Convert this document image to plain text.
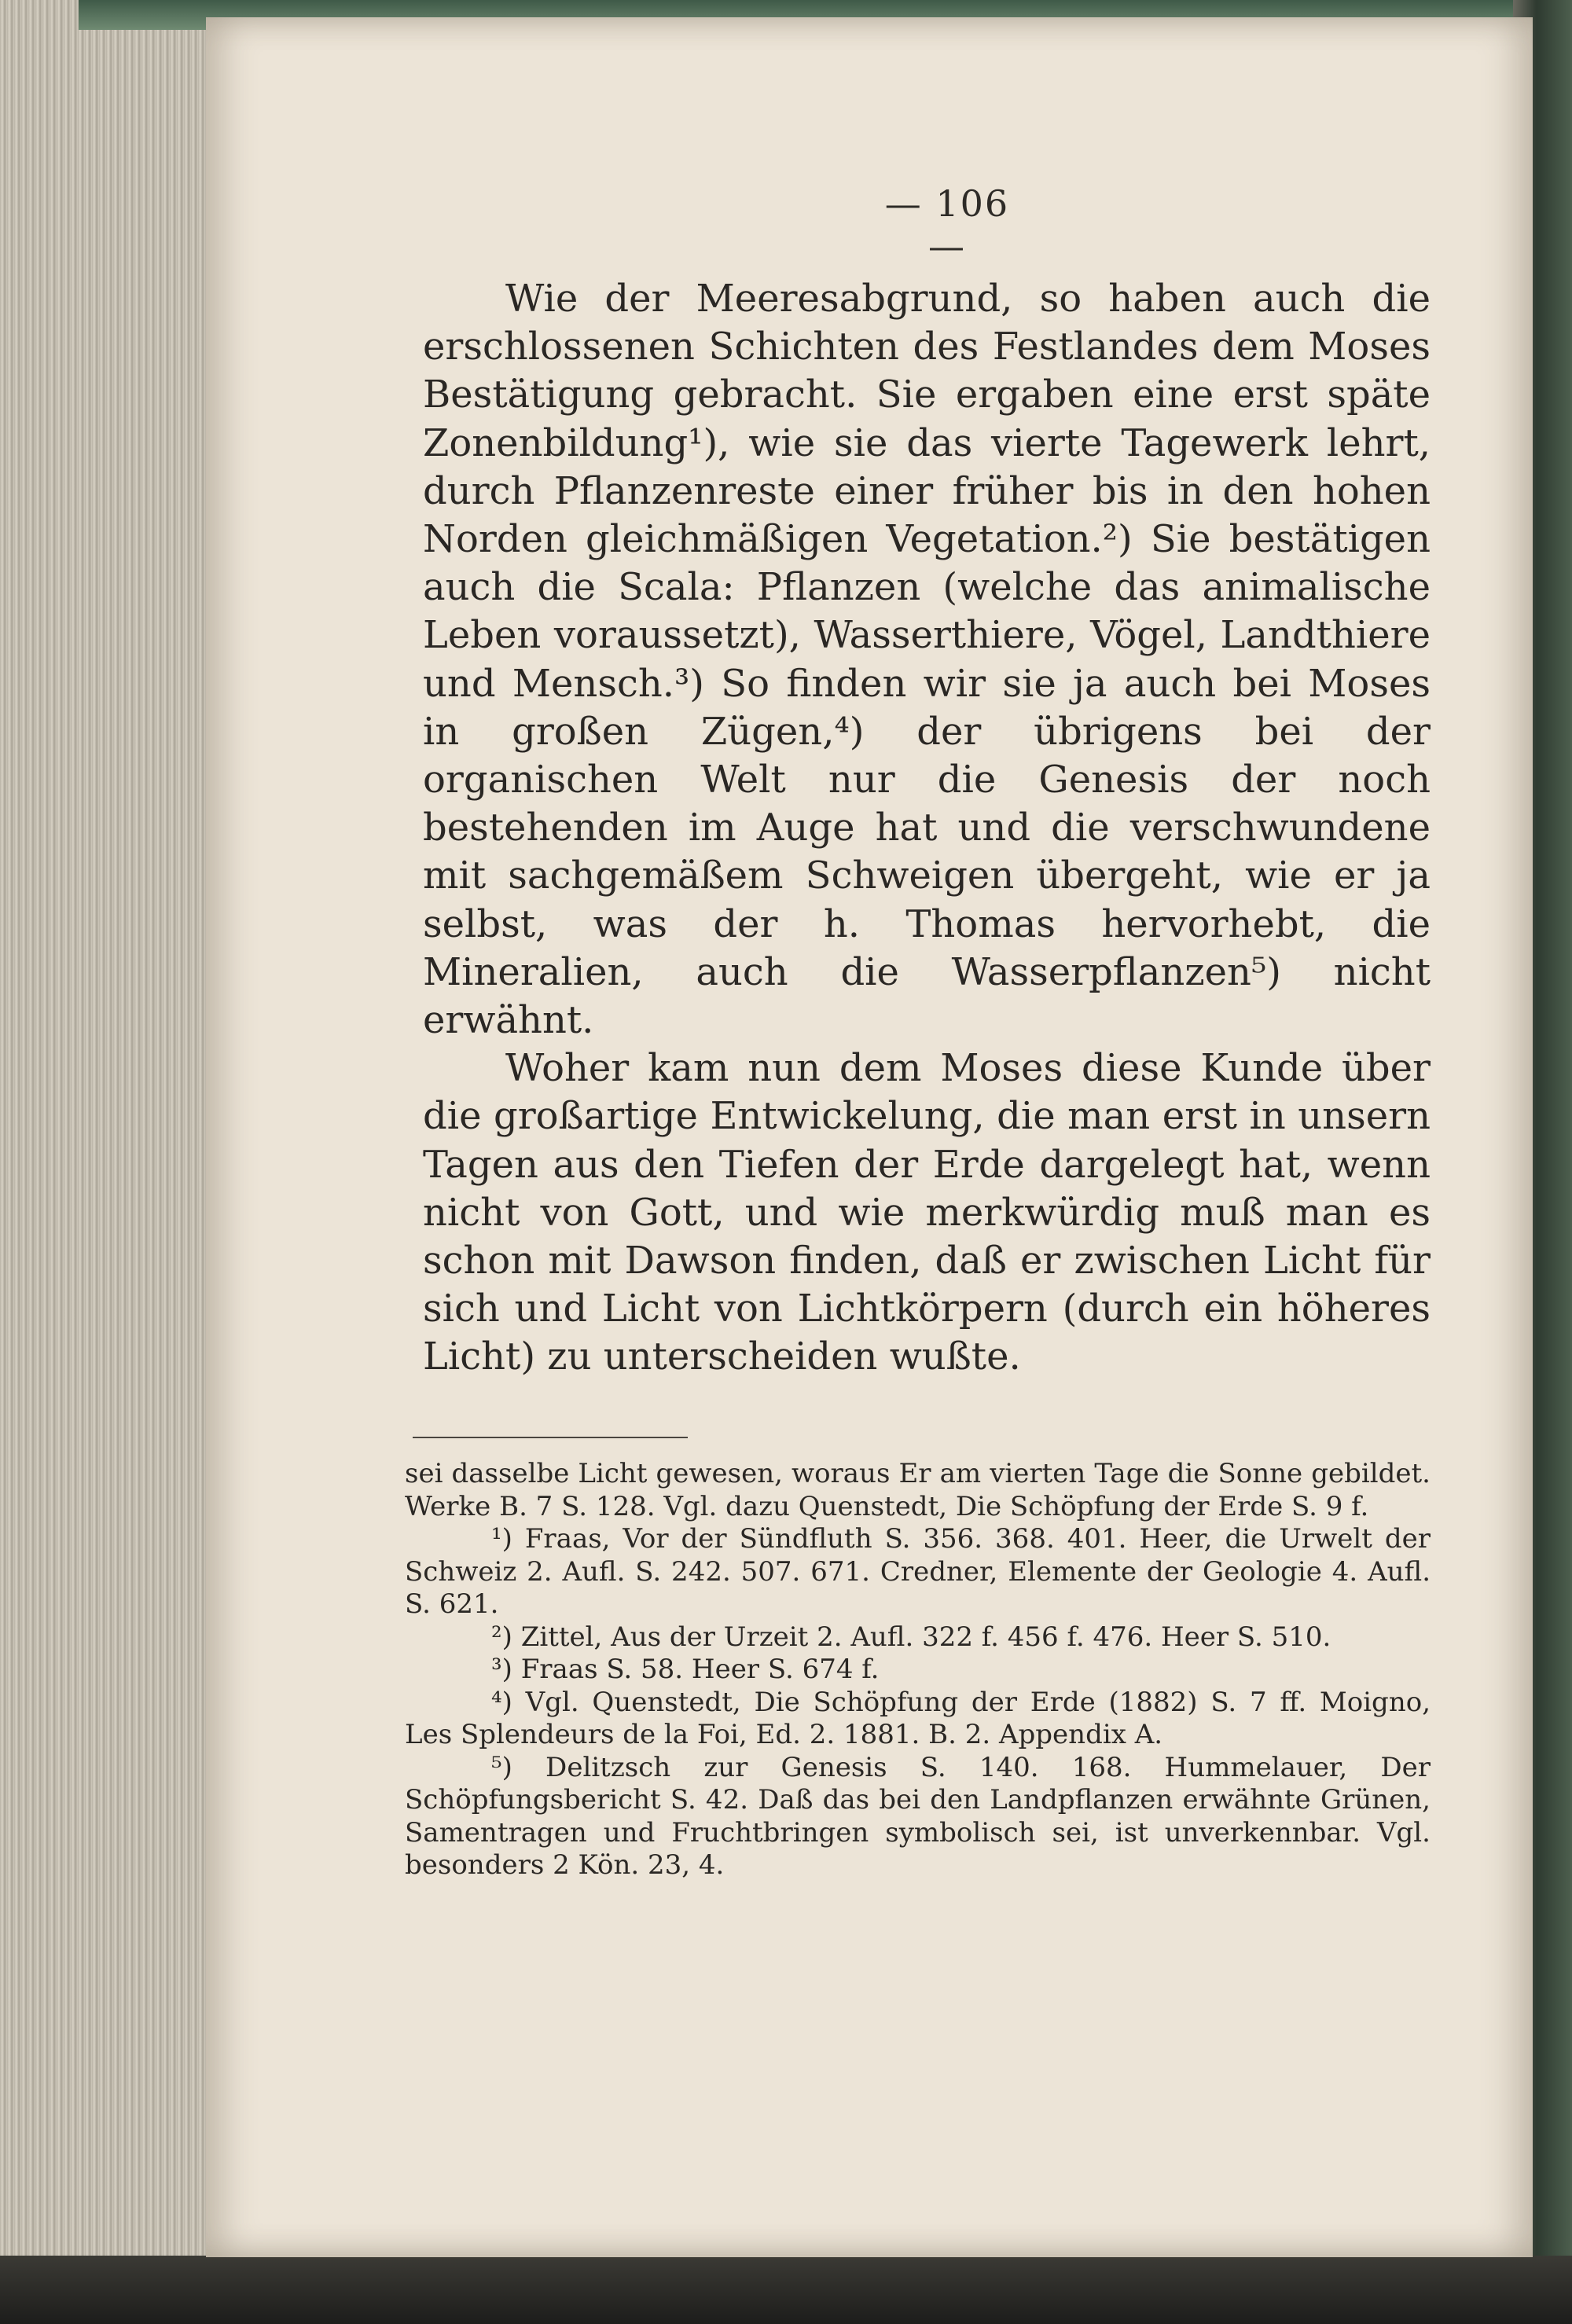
— 106 —

Wie der Meeresabgrund, so haben auch die erschlossenen Schichten des Festlandes dem Moses Bestätigung gebracht. Sie ergaben eine erst späte Zonenbildung¹), wie sie das vierte Tagewerk lehrt, durch Pflanzenreste einer früher bis in den hohen Norden gleichmäßigen Vegetation.²) Sie bestätigen auch die Scala: Pflanzen (welche das animalische Leben voraussetzt), Wasserthiere, Vögel, Landthiere und Mensch.³) So finden wir sie ja auch bei Moses in großen Zügen,⁴) der übrigens bei der organischen Welt nur die Genesis der noch bestehenden im Auge hat und die verschwundene mit sachgemäßem Schweigen übergeht, wie er ja selbst, was der h. Thomas hervorhebt, die Mineralien, auch die Wasserpflanzen⁵) nicht erwähnt.

Woher kam nun dem Moses diese Kunde über die großartige Entwickelung, die man erst in unsern Tagen aus den Tiefen der Erde dargelegt hat, wenn nicht von Gott, und wie merkwürdig muß man es schon mit Dawson finden, daß er zwischen Licht für sich und Licht von Lichtkörpern (durch ein höheres Licht) zu unterscheiden wußte.

sei dasselbe Licht gewesen, woraus Er am vierten Tage die Sonne gebildet. Werke B. 7 S. 128. Vgl. dazu Quenstedt, Die Schöpfung der Erde S. 9 f.

¹) Fraas, Vor der Sündfluth S. 356. 368. 401. Heer, die Urwelt der Schweiz 2. Aufl. S. 242. 507. 671. Credner, Elemente der Geologie 4. Aufl. S. 621.

²) Zittel, Aus der Urzeit 2. Aufl. 322 f. 456 f. 476. Heer S. 510.

³) Fraas S. 58. Heer S. 674 f.

⁴) Vgl. Quenstedt, Die Schöpfung der Erde (1882) S. 7 ff. Moigno, Les Splendeurs de la Foi, Ed. 2. 1881. B. 2. Appendix A.

⁵) Delitzsch zur Genesis S. 140. 168. Hummelauer, Der Schöpfungsbericht S. 42. Daß das bei den Landpflanzen erwähnte Grünen, Samentragen und Fruchtbringen symbolisch sei, ist unverkennbar. Vgl. besonders 2 Kön. 23, 4.
